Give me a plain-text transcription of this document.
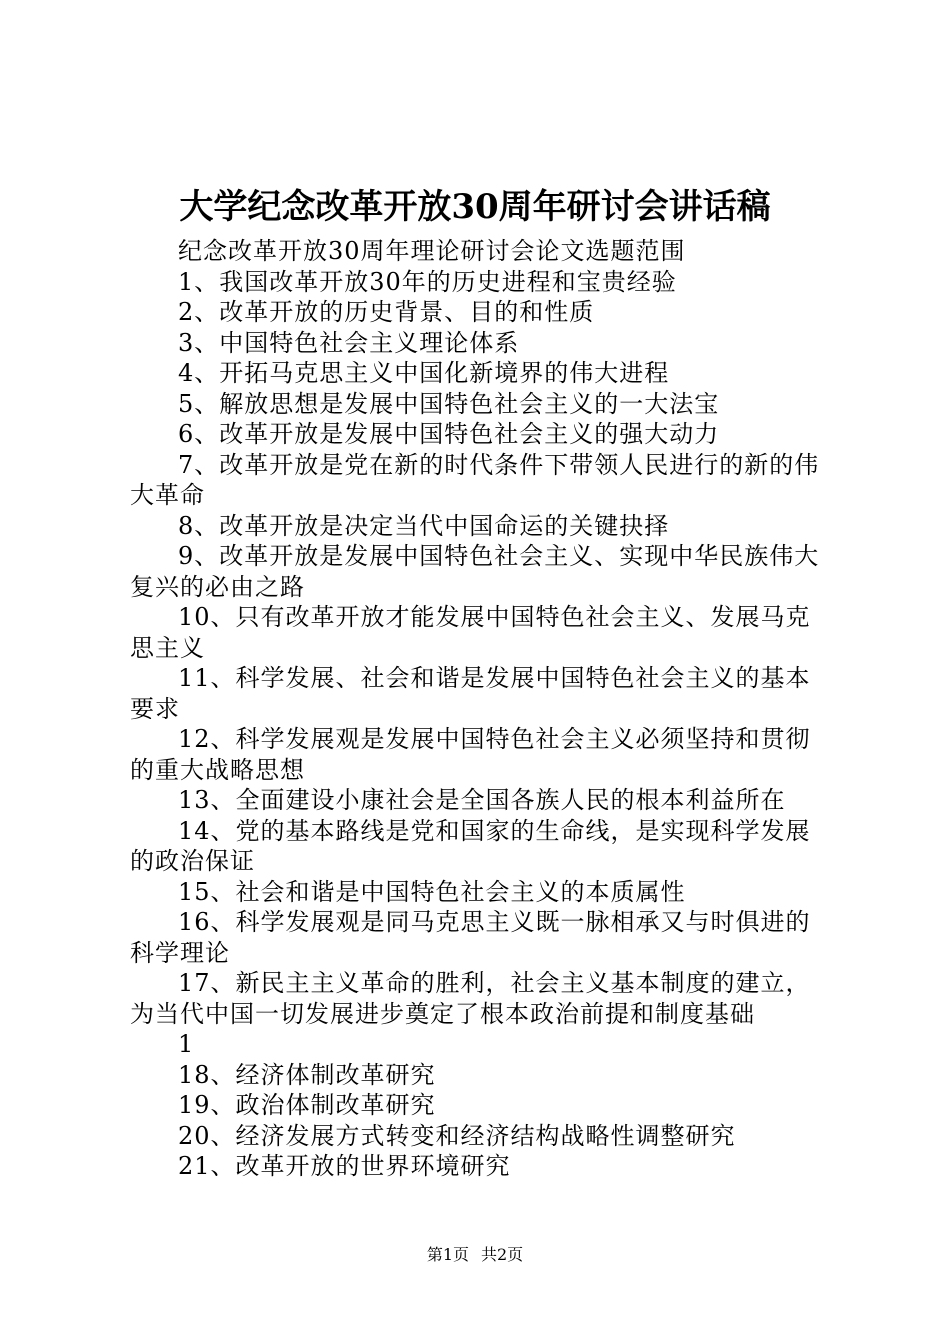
大学纪念改革开放30周年研讨会讲话稿

纪念改革开放30周年理论研讨会论文选题范围

1、我国改革开放30年的历史进程和宝贵经验

2、改革开放的历史背景、目的和性质

3、中国特色社会主义理论体系

4、开拓马克思主义中国化新境界的伟大进程

5、解放思想是发展中国特色社会主义的一大法宝

6、改革开放是发展中国特色社会主义的强大动力

7、改革开放是党在新的时代条件下带领人民进行的新的伟大革命

8、改革开放是决定当代中国命运的关键抉择

9、改革开放是发展中国特色社会主义、实现中华民族伟大复兴的必由之路

10、只有改革开放才能发展中国特色社会主义、发展马克思主义

11、科学发展、社会和谐是发展中国特色社会主义的基本要求

12、科学发展观是发展中国特色社会主义必须坚持和贯彻的重大战略思想

13、全面建设小康社会是全国各族人民的根本利益所在

14、党的基本路线是党和国家的生命线，是实现科学发展的政治保证

15、社会和谐是中国特色社会主义的本质属性

16、科学发展观是同马克思主义既一脉相承又与时俱进的科学理论

17、新民主主义革命的胜利，社会主义基本制度的建立，为当代中国一切发展进步奠定了根本政治前提和制度基础

1

18、经济体制改革研究

19、政治体制改革研究

20、经济发展方式转变和经济结构战略性调整研究

21、改革开放的世界环境研究

第1页 共2页
